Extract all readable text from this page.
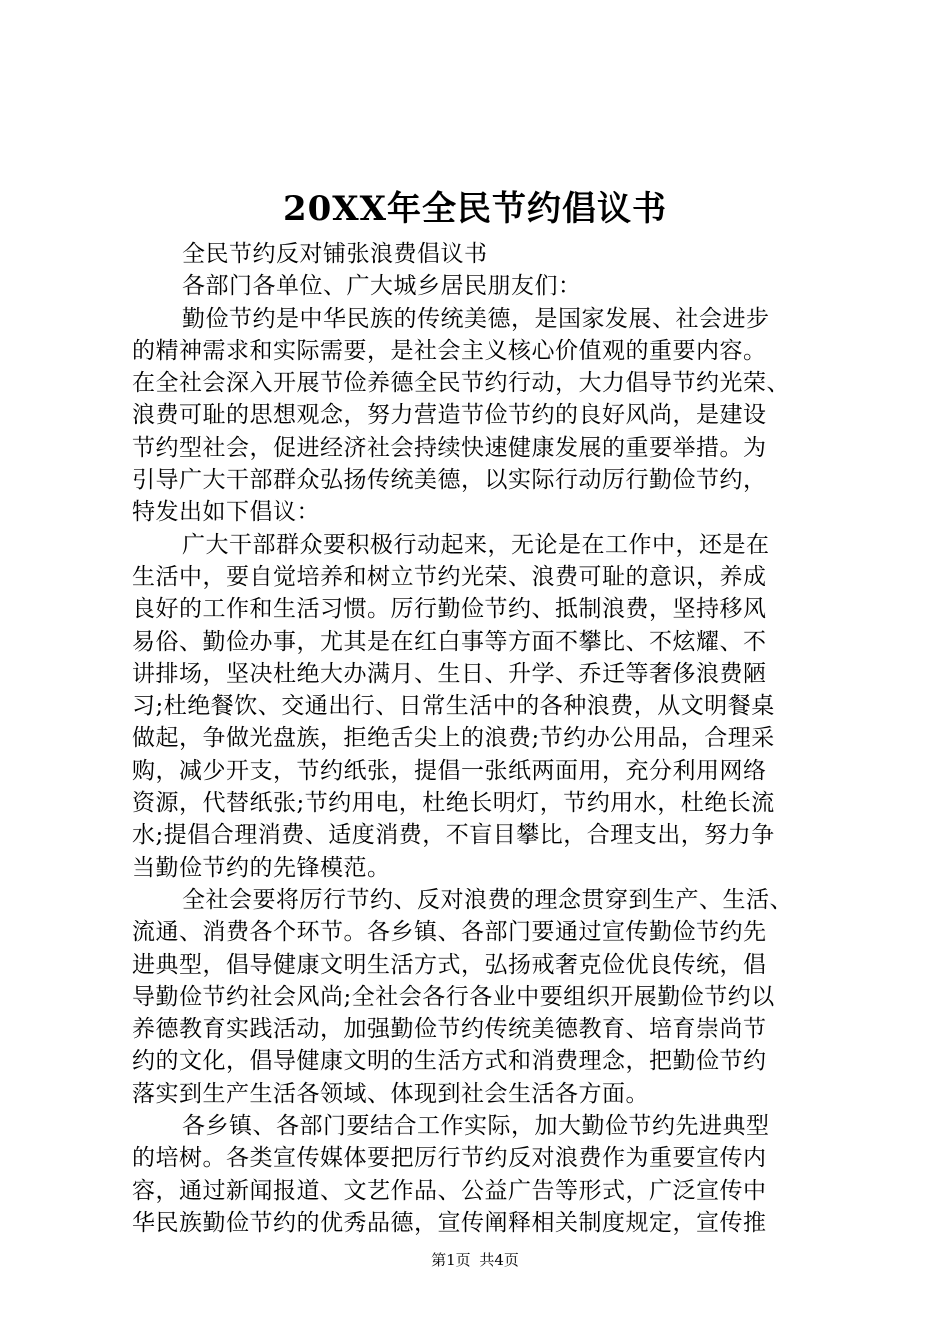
20XX年全民节约倡议书
全民节约反对铺张浪费倡议书
各部门各单位、广大城乡居民朋友们：
勤俭节约是中华民族的传统美德，是国家发展、社会进步
的精神需求和实际需要，是社会主义核心价值观的重要内容。
在全社会深入开展节俭养德全民节约行动，大力倡导节约光荣、
浪费可耻的思想观念，努力营造节俭节约的良好风尚，是建设
节约型社会，促进经济社会持续快速健康发展的重要举措。为
引导广大干部群众弘扬传统美德，以实际行动厉行勤俭节约，
特发出如下倡议：
广大干部群众要积极行动起来，无论是在工作中，还是在
生活中，要自觉培养和树立节约光荣、浪费可耻的意识，养成
良好的工作和生活习惯。厉行勤俭节约、抵制浪费，坚持移风
易俗、勤俭办事，尤其是在红白事等方面不攀比、不炫耀、不
讲排场，坚决杜绝大办满月、生日、升学、乔迁等奢侈浪费陋
习;杜绝餐饮、交通出行、日常生活中的各种浪费，从文明餐桌
做起，争做光盘族，拒绝舌尖上的浪费;节约办公用品，合理采
购，减少开支，节约纸张，提倡一张纸两面用，充分利用网络
资源，代替纸张;节约用电，杜绝长明灯，节约用水，杜绝长流
水;提倡合理消费、适度消费，不盲目攀比，合理支出，努力争
当勤俭节约的先锋模范。
全社会要将厉行节约、反对浪费的理念贯穿到生产、生活、
流通、消费各个环节。各乡镇、各部门要通过宣传勤俭节约先
进典型，倡导健康文明生活方式，弘扬戒奢克俭优良传统，倡
导勤俭节约社会风尚;全社会各行各业中要组织开展勤俭节约以
养德教育实践活动，加强勤俭节约传统美德教育、培育崇尚节
约的文化，倡导健康文明的生活方式和消费理念，把勤俭节约
落实到生产生活各领域、体现到社会生活各方面。
各乡镇、各部门要结合工作实际，加大勤俭节约先进典型
的培树。各类宣传媒体要把厉行节约反对浪费作为重要宣传内
容，通过新闻报道、文艺作品、公益广告等形式，广泛宣传中
华民族勤俭节约的优秀品德，宣传阐释相关制度规定，宣传推
第1页 共4页
